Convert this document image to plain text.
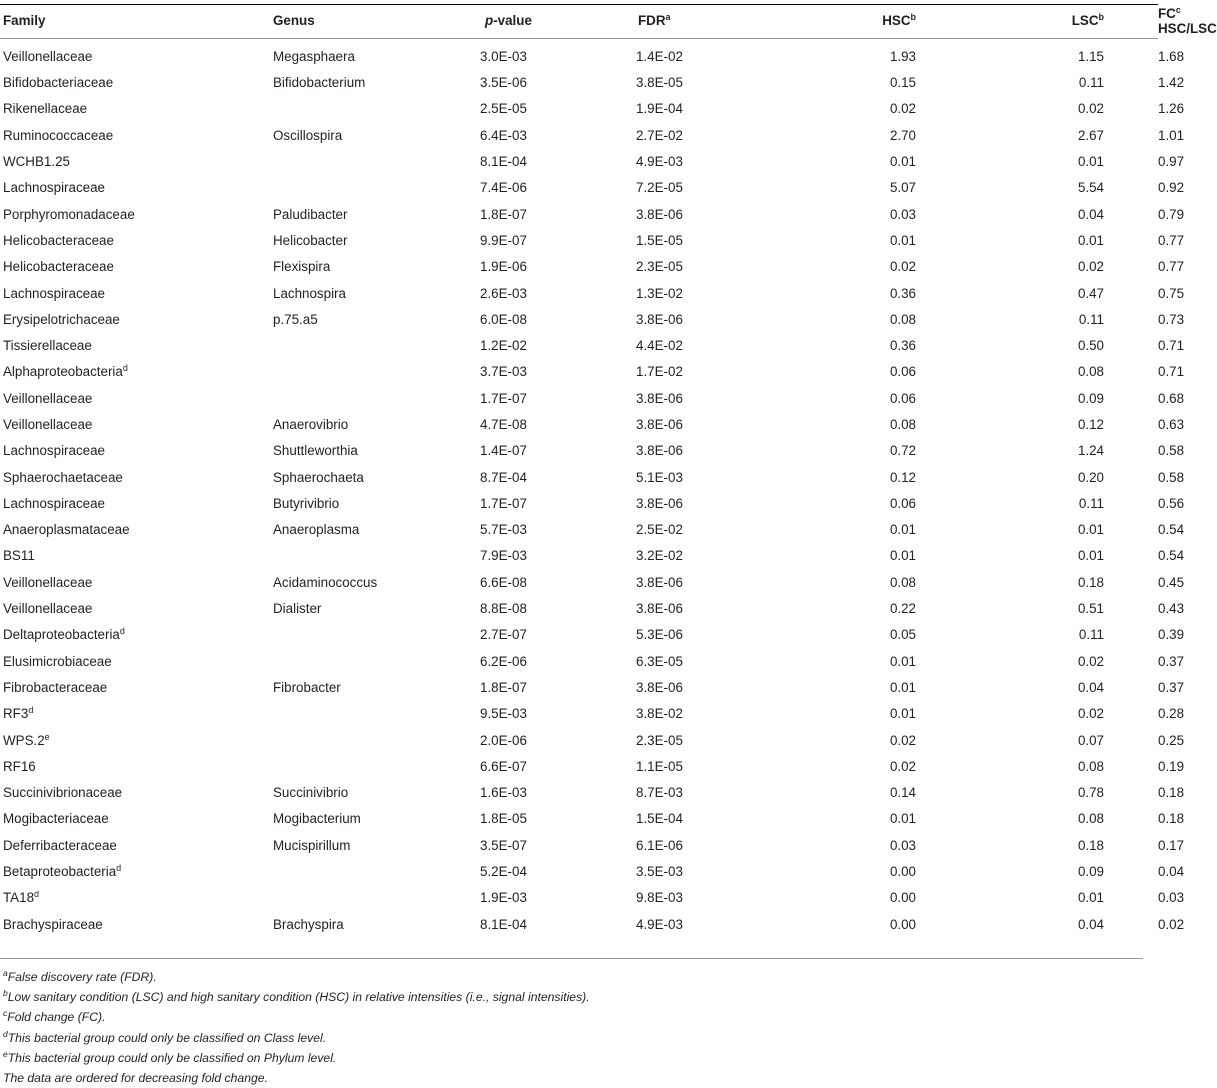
Family	Genus	p-value	FDR$^a$	HSC$^b$	LSC$^b$	$FC^c$ HSC/LSC
Veillonellaceae	Megasphaera	3.0E-03	1.4E-02	1.93	1.15	1.68
Bifidobacteriaceae	Bifidobacterium	3.5E-06	3.8E-05	0.15	0.11	1.42
Rikenellaceae		2.5E-05	1.9E-04	0.02	0.02	1.26
Ruminococcaceae	Oscillospira	6.4E-03	2.7E-02	2.70	2.67	1.01
WCHB1.25		8.1E-04	4.9E-03	0.01	0.01	0.97
Lachnospiraceae		7.4E-06	7.2E-05	5.07	5.54	0.92
Porphyromonadaceae	Paludibacter	1.8E-07	3.8E-06	0.03	0.04	0.79
Helicobacteraceae	Helicobacter	9.9E-07	1.5E-05	0.01	0.01	0.77
Helicobacteraceae	Flexispira	1.9E-06	2.3E-05	0.02	0.02	0.77
Lachnospiraceae	Lachnospira	2.6E-03	1.3E-02	0.36	0.47	0.75
Erysipelotrichaceae	p.75.a5	6.0E-08	3.8E-06	0.08	0.11	0.73
Tissierellaceae		1.2E-02	4.4E-02	0.36	0.50	0.71
Alphaproteobacteria$^d$		3.7E-03	1.7E-02	0.06	0.08	0.71
Veillonellaceae		1.7E-07	3.8E-06	0.06	0.09	0.68
Veillonellaceae	Anaerovibrio	4.7E-08	3.8E-06	0.08	0.12	0.63
Lachnospiraceae	Shuttleworthia	1.4E-07	3.8E-06	0.72	1.24	0.58
Sphaerochaetaceae	Sphaerochaeta	8.7E-04	5.1E-03	0.12	0.20	0.58
Lachnospiraceae	Butyrivibrio	1.7E-07	3.8E-06	0.06	0.11	0.56
Anaeroplasmataceae	Anaeroplasma	5.7E-03	2.5E-02	0.01	0.01	0.54
BS11		7.9E-03	3.2E-02	0.01	0.01	0.54
Veillonellaceae	Acidaminococcus	6.6E-08	3.8E-06	0.08	0.18	0.45
Veillonellaceae	Dialister	8.8E-08	3.8E-06	0.22	0.51	0.43
Deltaproteobacteria$^d$		2.7E-07	5.3E-06	0.05	0.11	0.39
Elusimicrobiaceae		6.2E-06	6.3E-05	0.01	0.02	0.37
Fibrobacteraceae	Fibrobacter	1.8E-07	3.8E-06	0.01	0.04	0.37
RF3$^d$		9.5E-03	3.8E-02	0.01	0.02	0.28
WPS.2e		2.0E-06	2.3E-05	0.02	0.07	0.25
RF16		6.6E-07	1.1E-05	0.02	0.08	0.19
Succinivibrionaceae	Succinivibrio	1.6E-03	8.7E-03	0.14	0.78	0.18
Mogibacteriaceae	Mogibacterium	1.8E-05	1.5E-04	0.01	0.08	0.18
Deferribacteraceae	Mucispirillum	3.5E-07	6.1E-06	0.03	0.18	0.17
Betaproteobacteria$^d$		5.2E-04	3.5E-03	0.00	0.09	0.04
TA18$^d$		1.9E-03	9.8E-03	0.00	0.01	0.03
Brachyspiraceae	Brachyspira	8.1E-04	4.9E-03	0.00	0.04	0.02
$^a$False discovery rate (FDR).
$^b$Low sanitary condition (LSC) and high sanitary condition (HSC) in relative intensities (i.e., signal intensities).
$^c$Fold change (FC).
$^d$This bacterial group could only be classified on Class level.
$^e$This bacterial group could only be classified on Phylum level.
The data are ordered for decreasing fold change.
